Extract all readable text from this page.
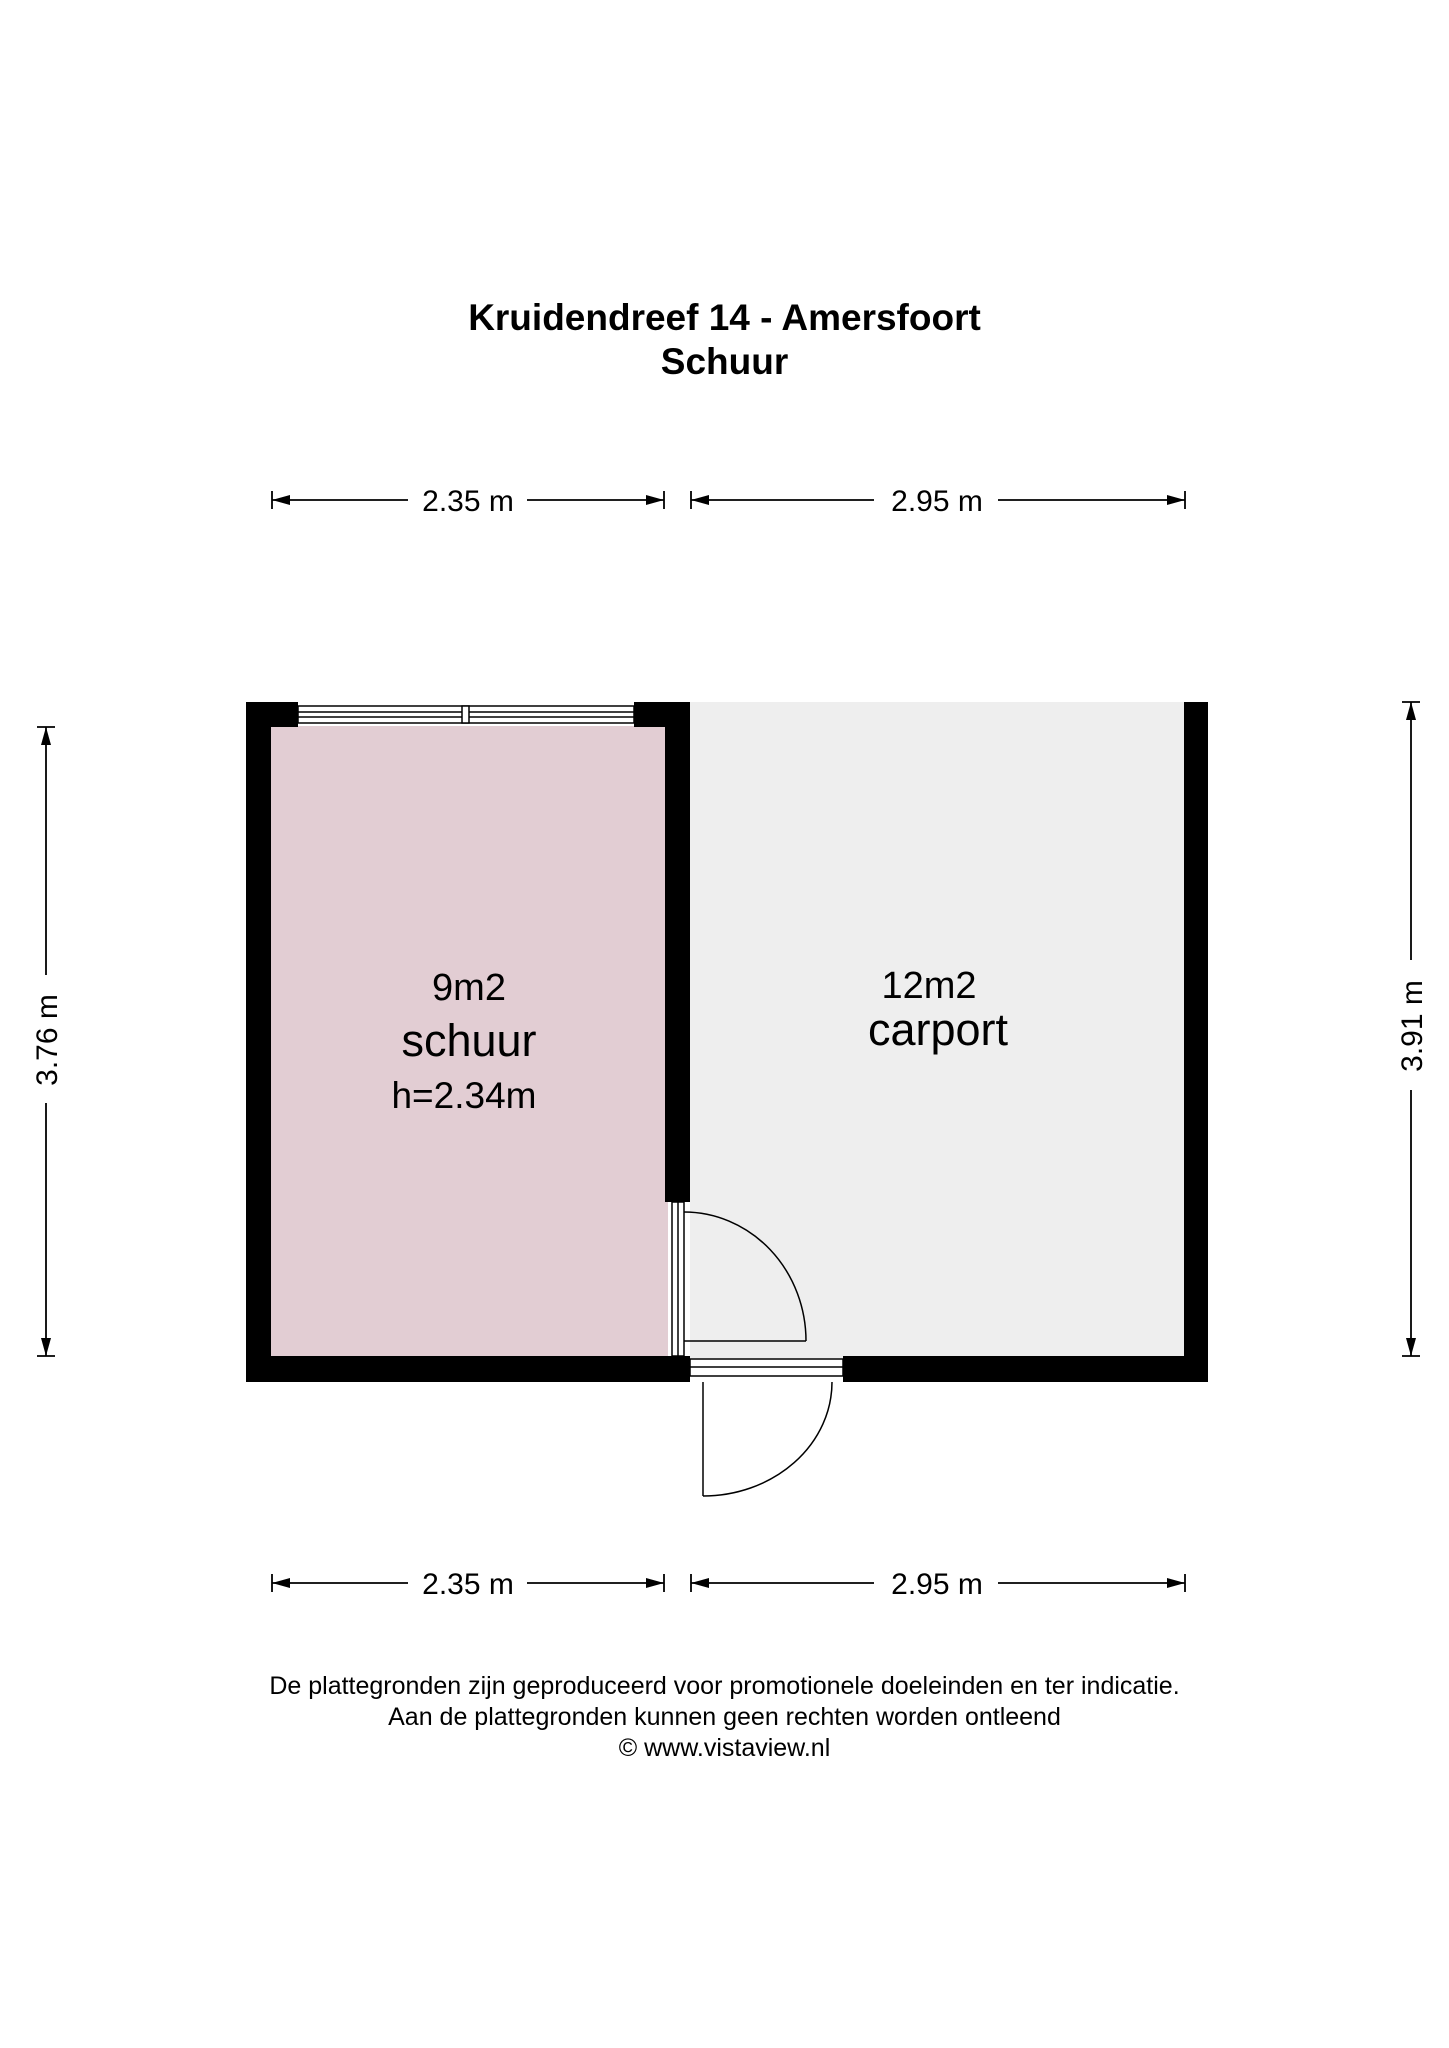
Kruidendreef 14 - Amersfoort
Schuur
9m2
schuur
h=2.34m
12m2
carport
2.35 m	2.95 m
2.35 m	2.95 m
3.76 m	3.91 m
De plattegronden zijn geproduceerd voor promotionele doeleinden en ter indicatie.
Aan de plattegronden kunnen geen rechten worden ontleend
© www.vistaview.nl
